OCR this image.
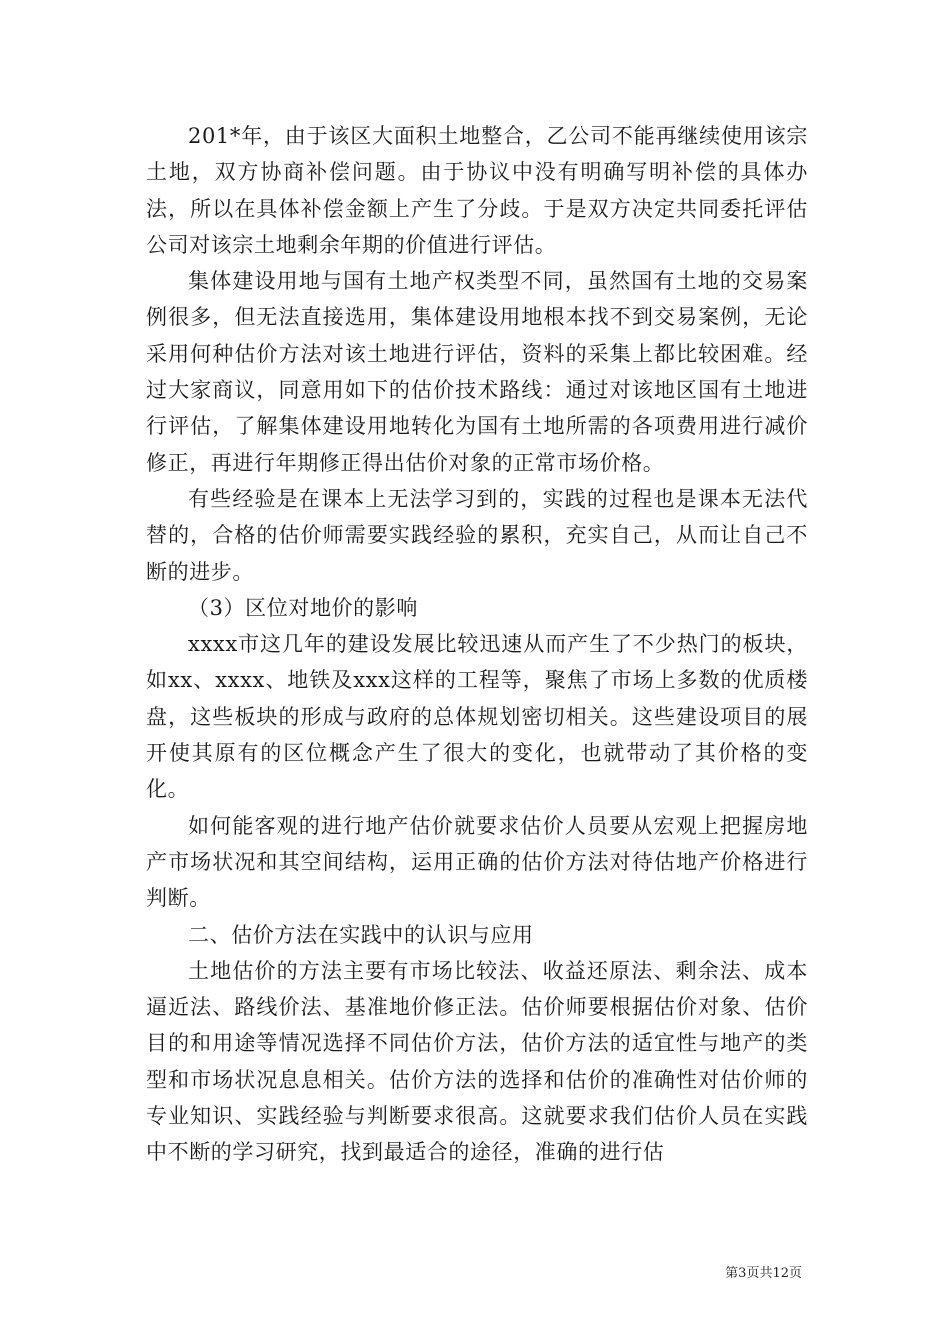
201*年，由于该区大面积土地整合，乙公司不能再继续使用该宗土地，双方协商补偿问题。由于协议中没有明确写明补偿的具体办法，所以在具体补偿金额上产生了分歧。于是双方决定共同委托评估公司对该宗土地剩余年期的价值进行评估。

集体建设用地与国有土地产权类型不同，虽然国有土地的交易案例很多，但无法直接选用，集体建设用地根本找不到交易案例，无论采用何种估价方法对该土地进行评估，资料的采集上都比较困难。经过大家商议，同意用如下的估价技术路线：通过对该地区国有土地进行评估，了解集体建设用地转化为国有土地所需的各项费用进行减价修正，再进行年期修正得出估价对象的正常市场价格。

有些经验是在课本上无法学习到的，实践的过程也是课本无法代替的，合格的估价师需要实践经验的累积，充实自己，从而让自己不断的进步。

（3）区位对地价的影响

xxxx市这几年的建设发展比较迅速从而产生了不少热门的板块，如xx、xxxx、地铁及xxx这样的工程等，聚焦了市场上多数的优质楼盘，这些板块的形成与政府的总体规划密切相关。这些建设项目的展开使其原有的区位概念产生了很大的变化，也就带动了其价格的变化。

如何能客观的进行地产估价就要求估价人员要从宏观上把握房地产市场状况和其空间结构，运用正确的估价方法对待估地产价格进行判断。

二、估价方法在实践中的认识与应用

土地估价的方法主要有市场比较法、收益还原法、剩余法、成本逼近法、路线价法、基准地价修正法。估价师要根据估价对象、估价目的和用途等情况选择不同估价方法，估价方法的适宜性与地产的类型和市场状况息息相关。估价方法的选择和估价的准确性对估价师的专业知识、实践经验与判断要求很高。这就要求我们估价人员在实践中不断的学习研究，找到最适合的途径，准确的进行估

第3页共12页
